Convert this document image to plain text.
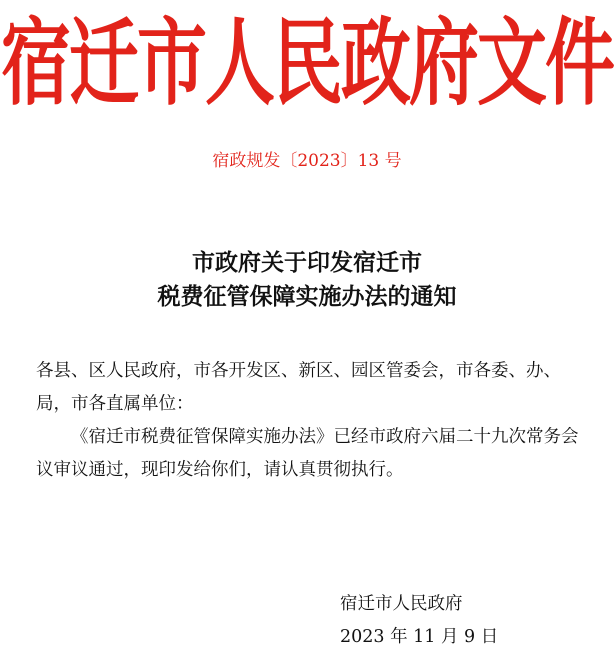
宿迁市人民政府文件
宿政规发〔2023〕13 号
市政府关于印发宿迁市
税费征管保障实施办法的通知

各县、区人民政府，市各开发区、新区、园区管委会，市各委、办、局，市各直属单位：

《宿迁市税费征管保障实施办法》已经市政府六届二十九次常务会议审议通过，现印发给你们，请认真贯彻执行。

宿迁市人民政府
2023 年 11 月 9 日
